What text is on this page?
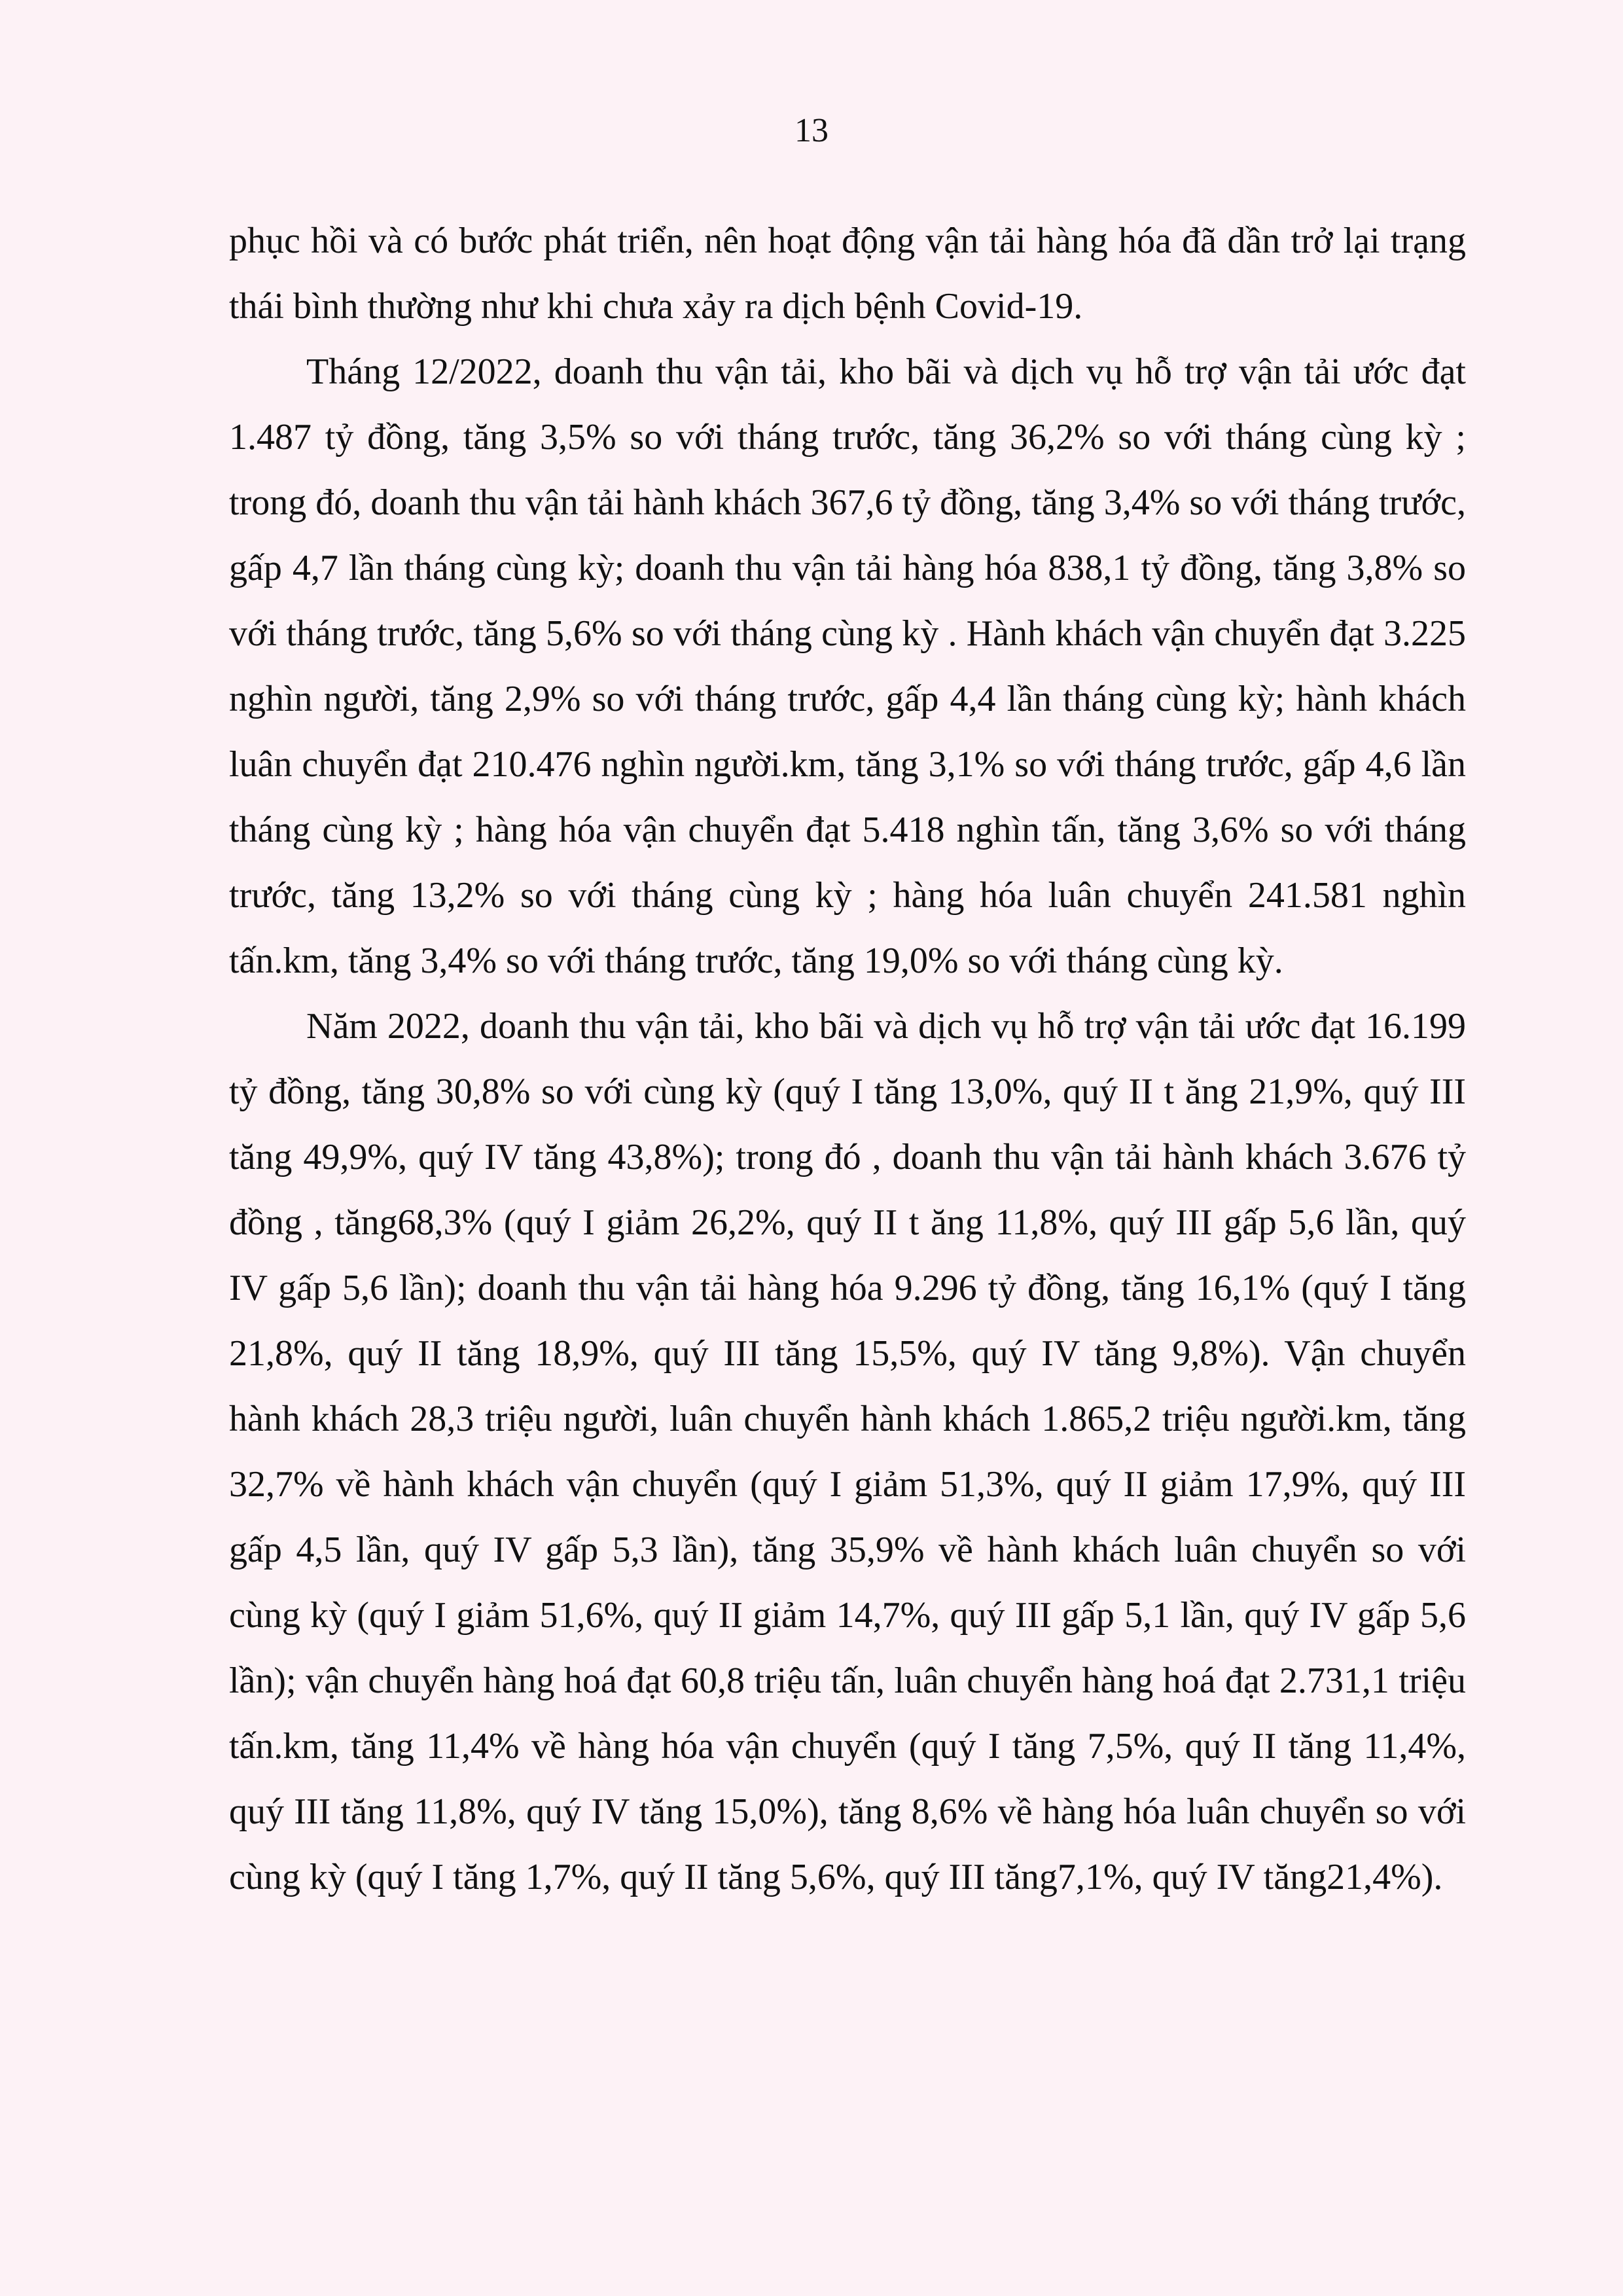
13

phục hồi và có bước phát triển, nên hoạt động vận tải hàng hóa đã dần trở lại trạng thái bình thường như khi chưa xảy ra dịch bệnh Covid-19.

Tháng 12/2022, doanh thu vận tải, kho bãi và dịch vụ hỗ trợ vận tải ước đạt 1.487 tỷ đồng, tăng 3,5% so với tháng trước, tăng 36,2% so với tháng cùng kỳ ; trong đó, doanh thu vận tải hành khách 367,6 tỷ đồng, tăng 3,4% so với tháng trước, gấp 4,7 lần tháng cùng kỳ; doanh thu vận tải hàng hóa 838,1 tỷ đồng, tăng 3,8% so với tháng trước, tăng 5,6% so với tháng cùng kỳ . Hành khách vận chuyển đạt 3.225 nghìn người, tăng 2,9% so với tháng trước, gấp 4,4 lần tháng cùng kỳ; hành khách luân chuyển đạt 210.476 nghìn người.km, tăng 3,1% so với tháng trước, gấp 4,6 lần tháng cùng kỳ ; hàng hóa vận chuyển đạt 5.418 nghìn tấn, tăng 3,6% so với tháng trước, tăng 13,2% so với tháng cùng kỳ ; hàng hóa luân chuyển 241.581 nghìn tấn.km, tăng 3,4% so với tháng trước, tăng 19,0% so với tháng cùng kỳ.

Năm 2022, doanh thu vận tải, kho bãi và dịch vụ hỗ trợ vận tải ước đạt 16.199 tỷ đồng, tăng 30,8% so với cùng kỳ (quý I tăng 13,0%, quý II t ăng 21,9%, quý III tăng 49,9%, quý IV tăng 43,8%); trong đó , doanh thu vận tải hành khách 3.676 tỷ đồng , tăng68,3% (quý I giảm 26,2%, quý II t ăng 11,8%, quý III gấp 5,6 lần, quý IV gấp 5,6 lần); doanh thu vận tải hàng hóa 9.296 tỷ đồng, tăng 16,1% (quý I tăng 21,8%, quý II tăng 18,9%, quý III tăng 15,5%, quý IV tăng 9,8%). Vận chuyển hành khách 28,3 triệu người, luân chuyển hành khách 1.865,2 triệu người.km, tăng 32,7% về hành khách vận chuyển (quý I giảm 51,3%, quý II giảm 17,9%, quý III gấp 4,5 lần, quý IV gấp 5,3 lần), tăng 35,9% về hành khách luân chuyển so với cùng kỳ (quý I giảm 51,6%, quý II giảm 14,7%, quý III gấp 5,1 lần, quý IV gấp 5,6 lần); vận chuyển hàng hoá đạt 60,8 triệu tấn, luân chuyển hàng hoá đạt 2.731,1 triệu tấn.km, tăng 11,4% về hàng hóa vận chuyển (quý I tăng 7,5%, quý II tăng 11,4%, quý III tăng 11,8%, quý IV tăng 15,0%), tăng 8,6% về hàng hóa luân chuyển so với cùng kỳ (quý I tăng 1,7%, quý II tăng 5,6%, quý III tăng7,1%, quý IV tăng21,4%).
